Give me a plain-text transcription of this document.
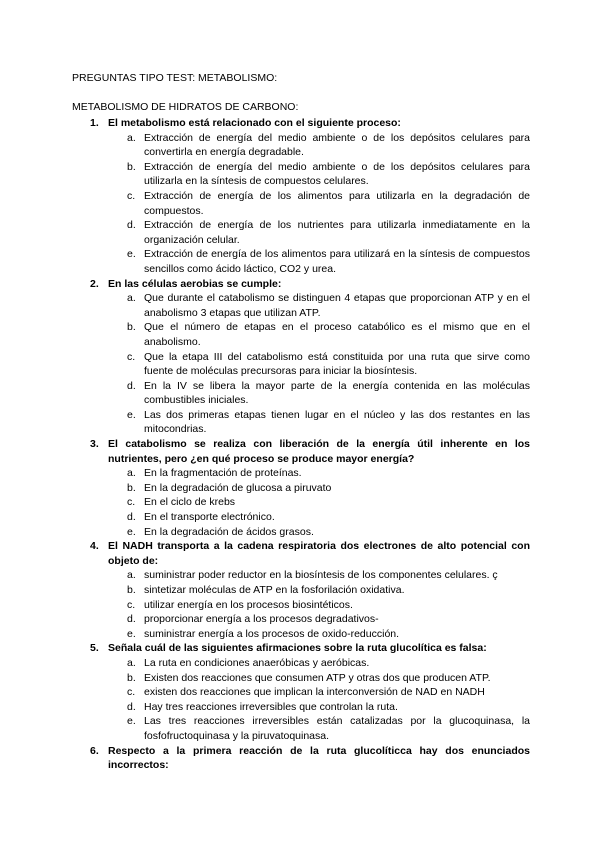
PREGUNTAS TIPO TEST: METABOLISMO:
METABOLISMO DE HIDRATOS DE CARBONO:
1. El metabolismo está relacionado con el siguiente proceso:
a. Extracción de energía del medio ambiente o de los depósitos celulares para convertirla en energía degradable.
b. Extracción de energía del medio ambiente o de los depósitos celulares para utilizarla en la síntesis de compuestos celulares.
c. Extracción de energía de los alimentos para utilizarla en la degradación de compuestos.
d. Extracción de energía de los nutrientes para utilizarla inmediatamente en la organización celular.
e. Extracción de energía de los alimentos para utilizará en la síntesis de compuestos sencillos como ácido láctico, CO2 y urea.
2. En las células aerobias se cumple:
a. Que durante el catabolismo se distinguen 4 etapas que proporcionan ATP y en el anabolismo 3 etapas que utilizan ATP.
b. Que el número de etapas en el proceso catabólico es el mismo que en el anabolismo.
c. Que la etapa III del catabolismo está constituida por una ruta que sirve como fuente de moléculas precursoras para iniciar la biosíntesis.
d. En la IV se libera la mayor parte de la energía contenida en las moléculas combustibles iniciales.
e. Las dos primeras etapas tienen lugar en el núcleo y las dos restantes en las mitocondrias.
3. El catabolismo se realiza con liberación de la energía útil inherente en los nutrientes, pero ¿en qué proceso se produce mayor energía?
a. En la fragmentación de proteínas.
b. En la degradación de glucosa a piruvato
c. En el ciclo de krebs
d. En el transporte electrónico.
e. En la degradación de ácidos grasos.
4. El NADH transporta a la cadena respiratoria dos electrones de alto potencial con objeto de:
a. suministrar poder reductor en la biosíntesis de los componentes celulares. ç
b. sintetizar moléculas de ATP en la fosforilación oxidativa.
c. utilizar energía en los procesos biosintéticos.
d. proporcionar energía a los procesos degradativos-
e. suministrar energía a los procesos de oxido-reducción.
5. Señala cuál de las siguientes afirmaciones sobre la ruta glucolítica es falsa:
a. La ruta en condiciones anaeróbicas y aeróbicas.
b. Existen dos reacciones que consumen ATP y otras dos que producen ATP.
c. existen dos reacciones que implican la interconversión de NAD en NADH
d. Hay tres reacciones irreversibles que controlan la ruta.
e. Las tres reacciones irreversibles están catalizadas por la glucoquinasa, la fosfofructoquinasa y la piruvatoquinasa.
6. Respecto a la primera reacción de la ruta glucolíticca hay dos enunciados incorrectos:
